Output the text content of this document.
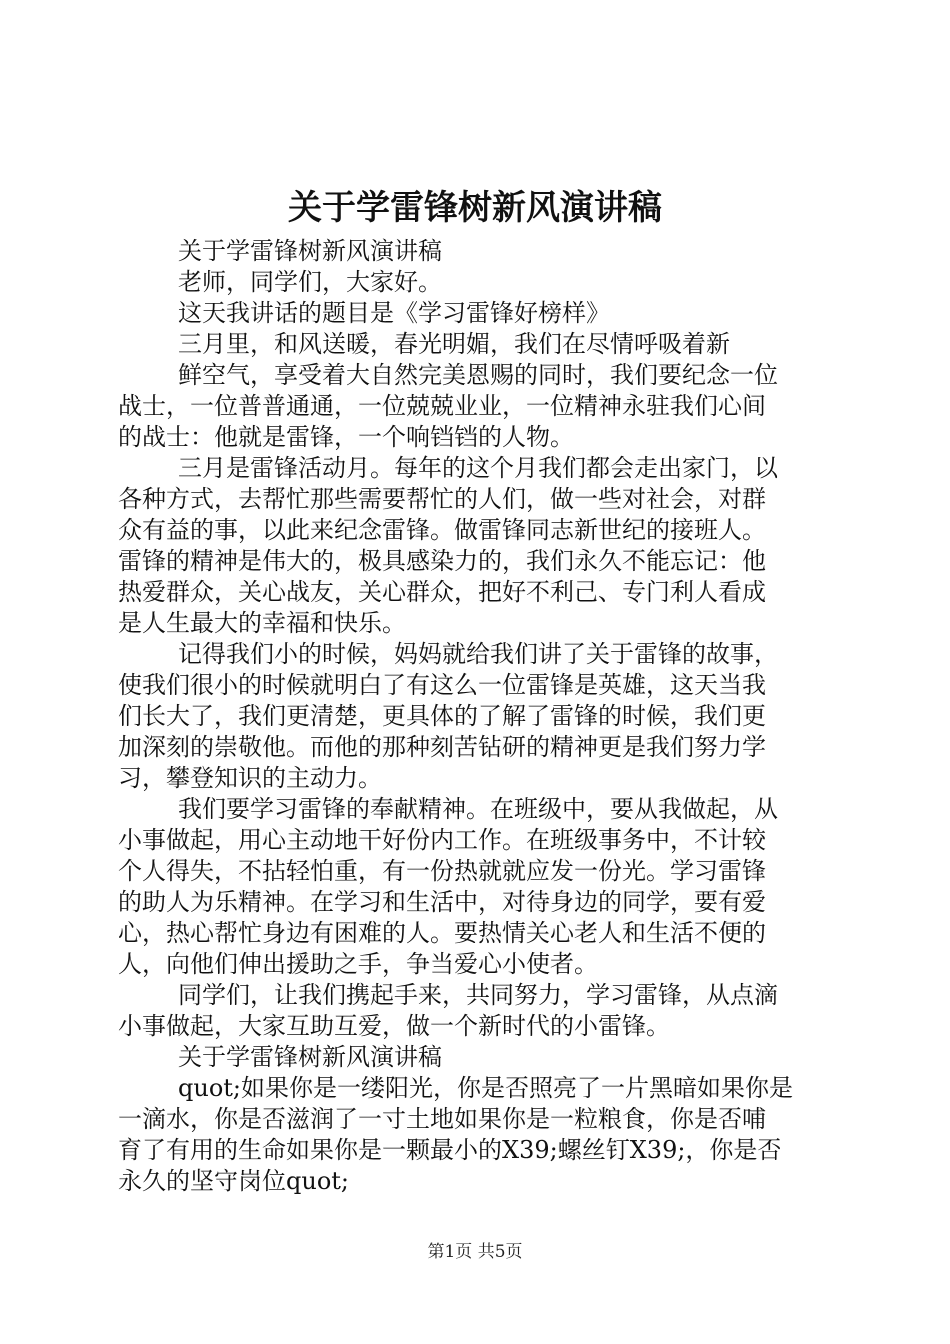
关于学雷锋树新风演讲稿

关于学雷锋树新风演讲稿

老师，同学们，大家好。

这天我讲话的题目是《学习雷锋好榜样》

三月里，和风送暖，春光明媚，我们在尽情呼吸着新

鲜空气，享受着大自然完美恩赐的同时，我们要纪念一位

战士，一位普普通通，一位兢兢业业，一位精神永驻我们心间

的战士：他就是雷锋，一个响铛铛的人物。

三月是雷锋活动月。每年的这个月我们都会走出家门，以

各种方式，去帮忙那些需要帮忙的人们，做一些对社会，对群

众有益的事，以此来纪念雷锋。做雷锋同志新世纪的接班人。

雷锋的精神是伟大的，极具感染力的，我们永久不能忘记：他

热爱群众，关心战友，关心群众，把好不利己、专门利人看成

是人生最大的幸福和快乐。

记得我们小的时候，妈妈就给我们讲了关于雷锋的故事，

使我们很小的时候就明白了有这么一位雷锋是英雄，这天当我

们长大了，我们更清楚，更具体的了解了雷锋的时候，我们更

加深刻的崇敬他。而他的那种刻苦钻研的精神更是我们努力学

习，攀登知识的主动力。

我们要学习雷锋的奉献精神。在班级中，要从我做起，从

小事做起，用心主动地干好份内工作。在班级事务中，不计较

个人得失，不拈轻怕重，有一份热就就应发一份光。学习雷锋

的助人为乐精神。在学习和生活中，对待身边的同学，要有爱

心，热心帮忙身边有困难的人。要热情关心老人和生活不便的

人，向他们伸出援助之手，争当爱心小使者。

同学们，让我们携起手来，共同努力，学习雷锋，从点滴

小事做起，大家互助互爱，做一个新时代的小雷锋。

关于学雷锋树新风演讲稿

quot;如果你是一缕阳光，你是否照亮了一片黑暗如果你是

一滴水，你是否滋润了一寸土地如果你是一粒粮食，你是否哺

育了有用的生命如果你是一颗最小的X39;螺丝钉X39;，你是否

永久的坚守岗位quot;

第1页 共5页
